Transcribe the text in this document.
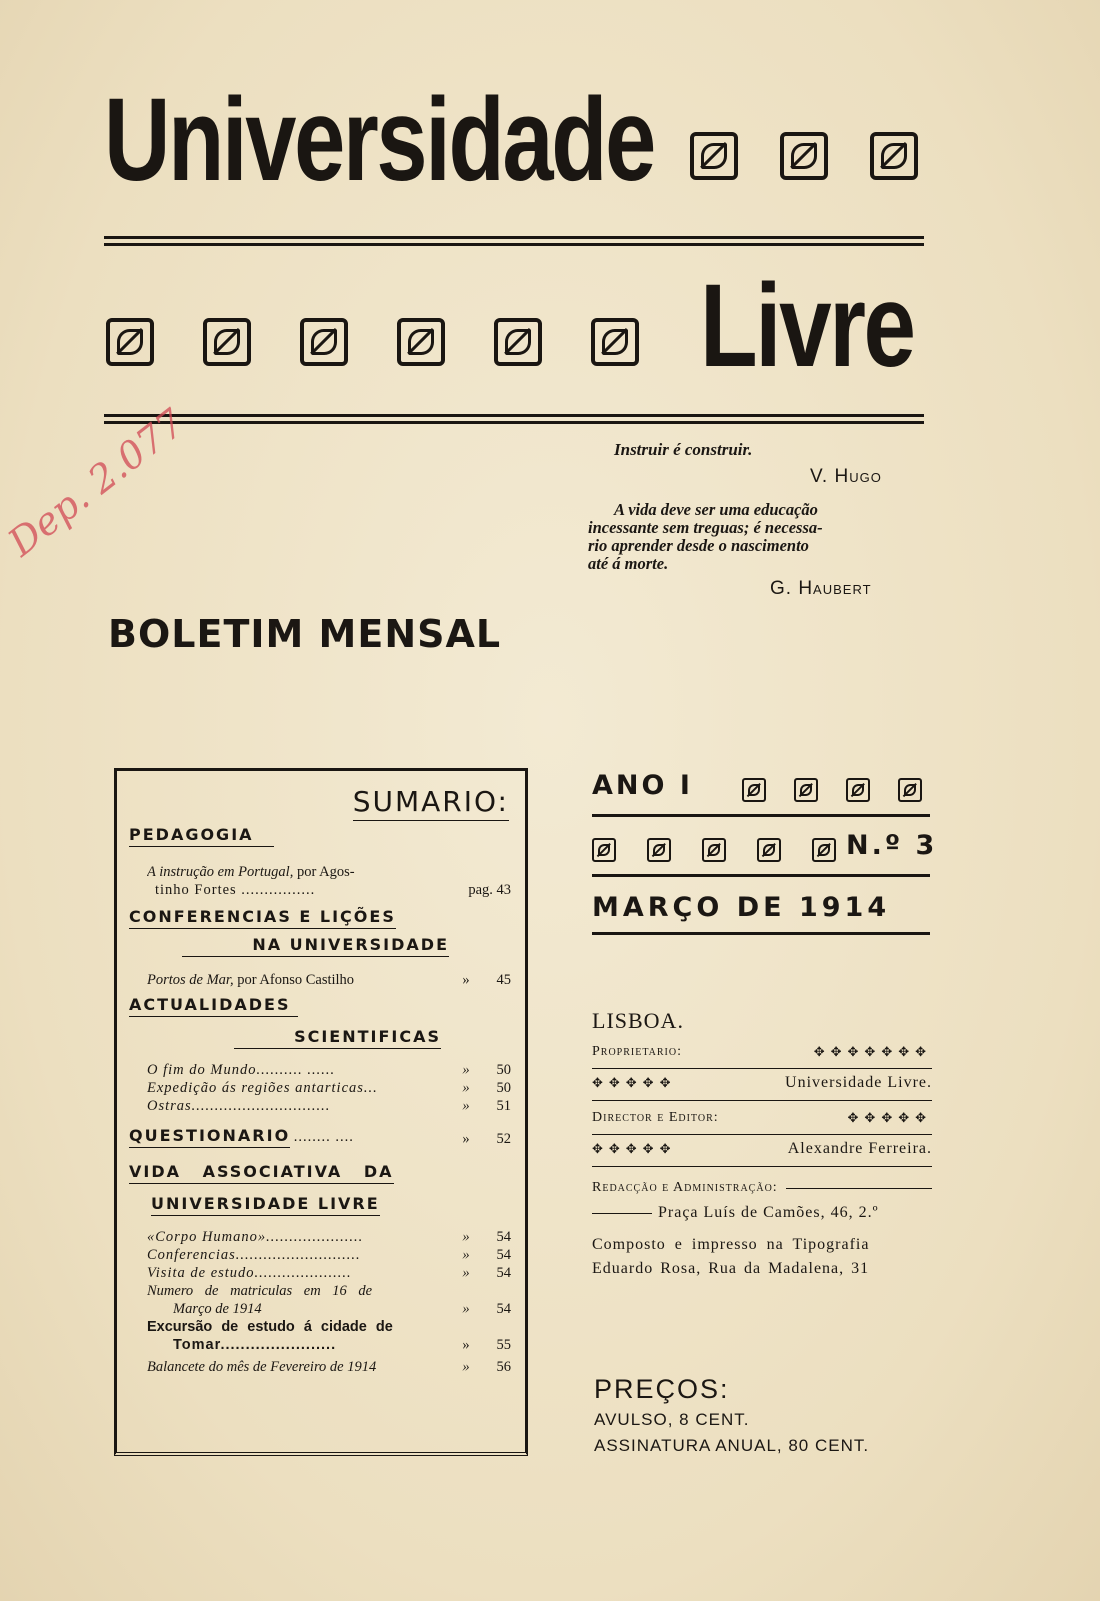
Universidade
Livre
Instruir é construir.
V. Hugo
A vida deve ser uma educação
incessante sem treguas; é necessa-
rio aprender desde o nascimento
até á morte.
G. Haubert
Dep. 2.077
BOLETIM MENSAL
SUMARIO:
PEDAGOGIA
A instrução em Portugal, por Agos-
tinho Fortes ................	pag. 43
CONFERENCIAS E LIÇÕES
NA UNIVERSIDADE
Portos de Mar, por Afonso Castilho	»	45
ACTUALIDADES
SCIENTIFICAS
O fim do Mundo.......... ......	»	50
Expedição ás regiões antarticas...	»	50
Ostras..............................	»	51
QUESTIONARIO ........ ....	»	52
VIDA ASSOCIATIVA DA
UNIVERSIDADE LIVRE
«Corpo Humano».....................	»	54
Conferencias...........................	»	54
Visita de estudo.....................	»	54
Numero de matriculas em 16 de
Março de 1914	»	54
Excursão de estudo á cidade de
Tomar.......................	»	55
Balancete do mês de Fevereiro de 1914	»	56
ANO I
N.º 3
MARÇO DE 1914
LISBOA.
Proprietario:	✥✥✥✥✥✥✥
✥✥✥✥✥	Universidade Livre.
Director e Editor:	✥✥✥✥✥
✥✥✥✥✥	Alexandre Ferreira.
Redacção e Administração:
Praça Luís de Camões, 46, 2.º
Composto e impresso na Tipografia
Eduardo Rosa, Rua da Madalena, 31
PREÇOS:
AVULSO, 8 CENT.
ASSINATURA ANUAL, 80 CENT.
